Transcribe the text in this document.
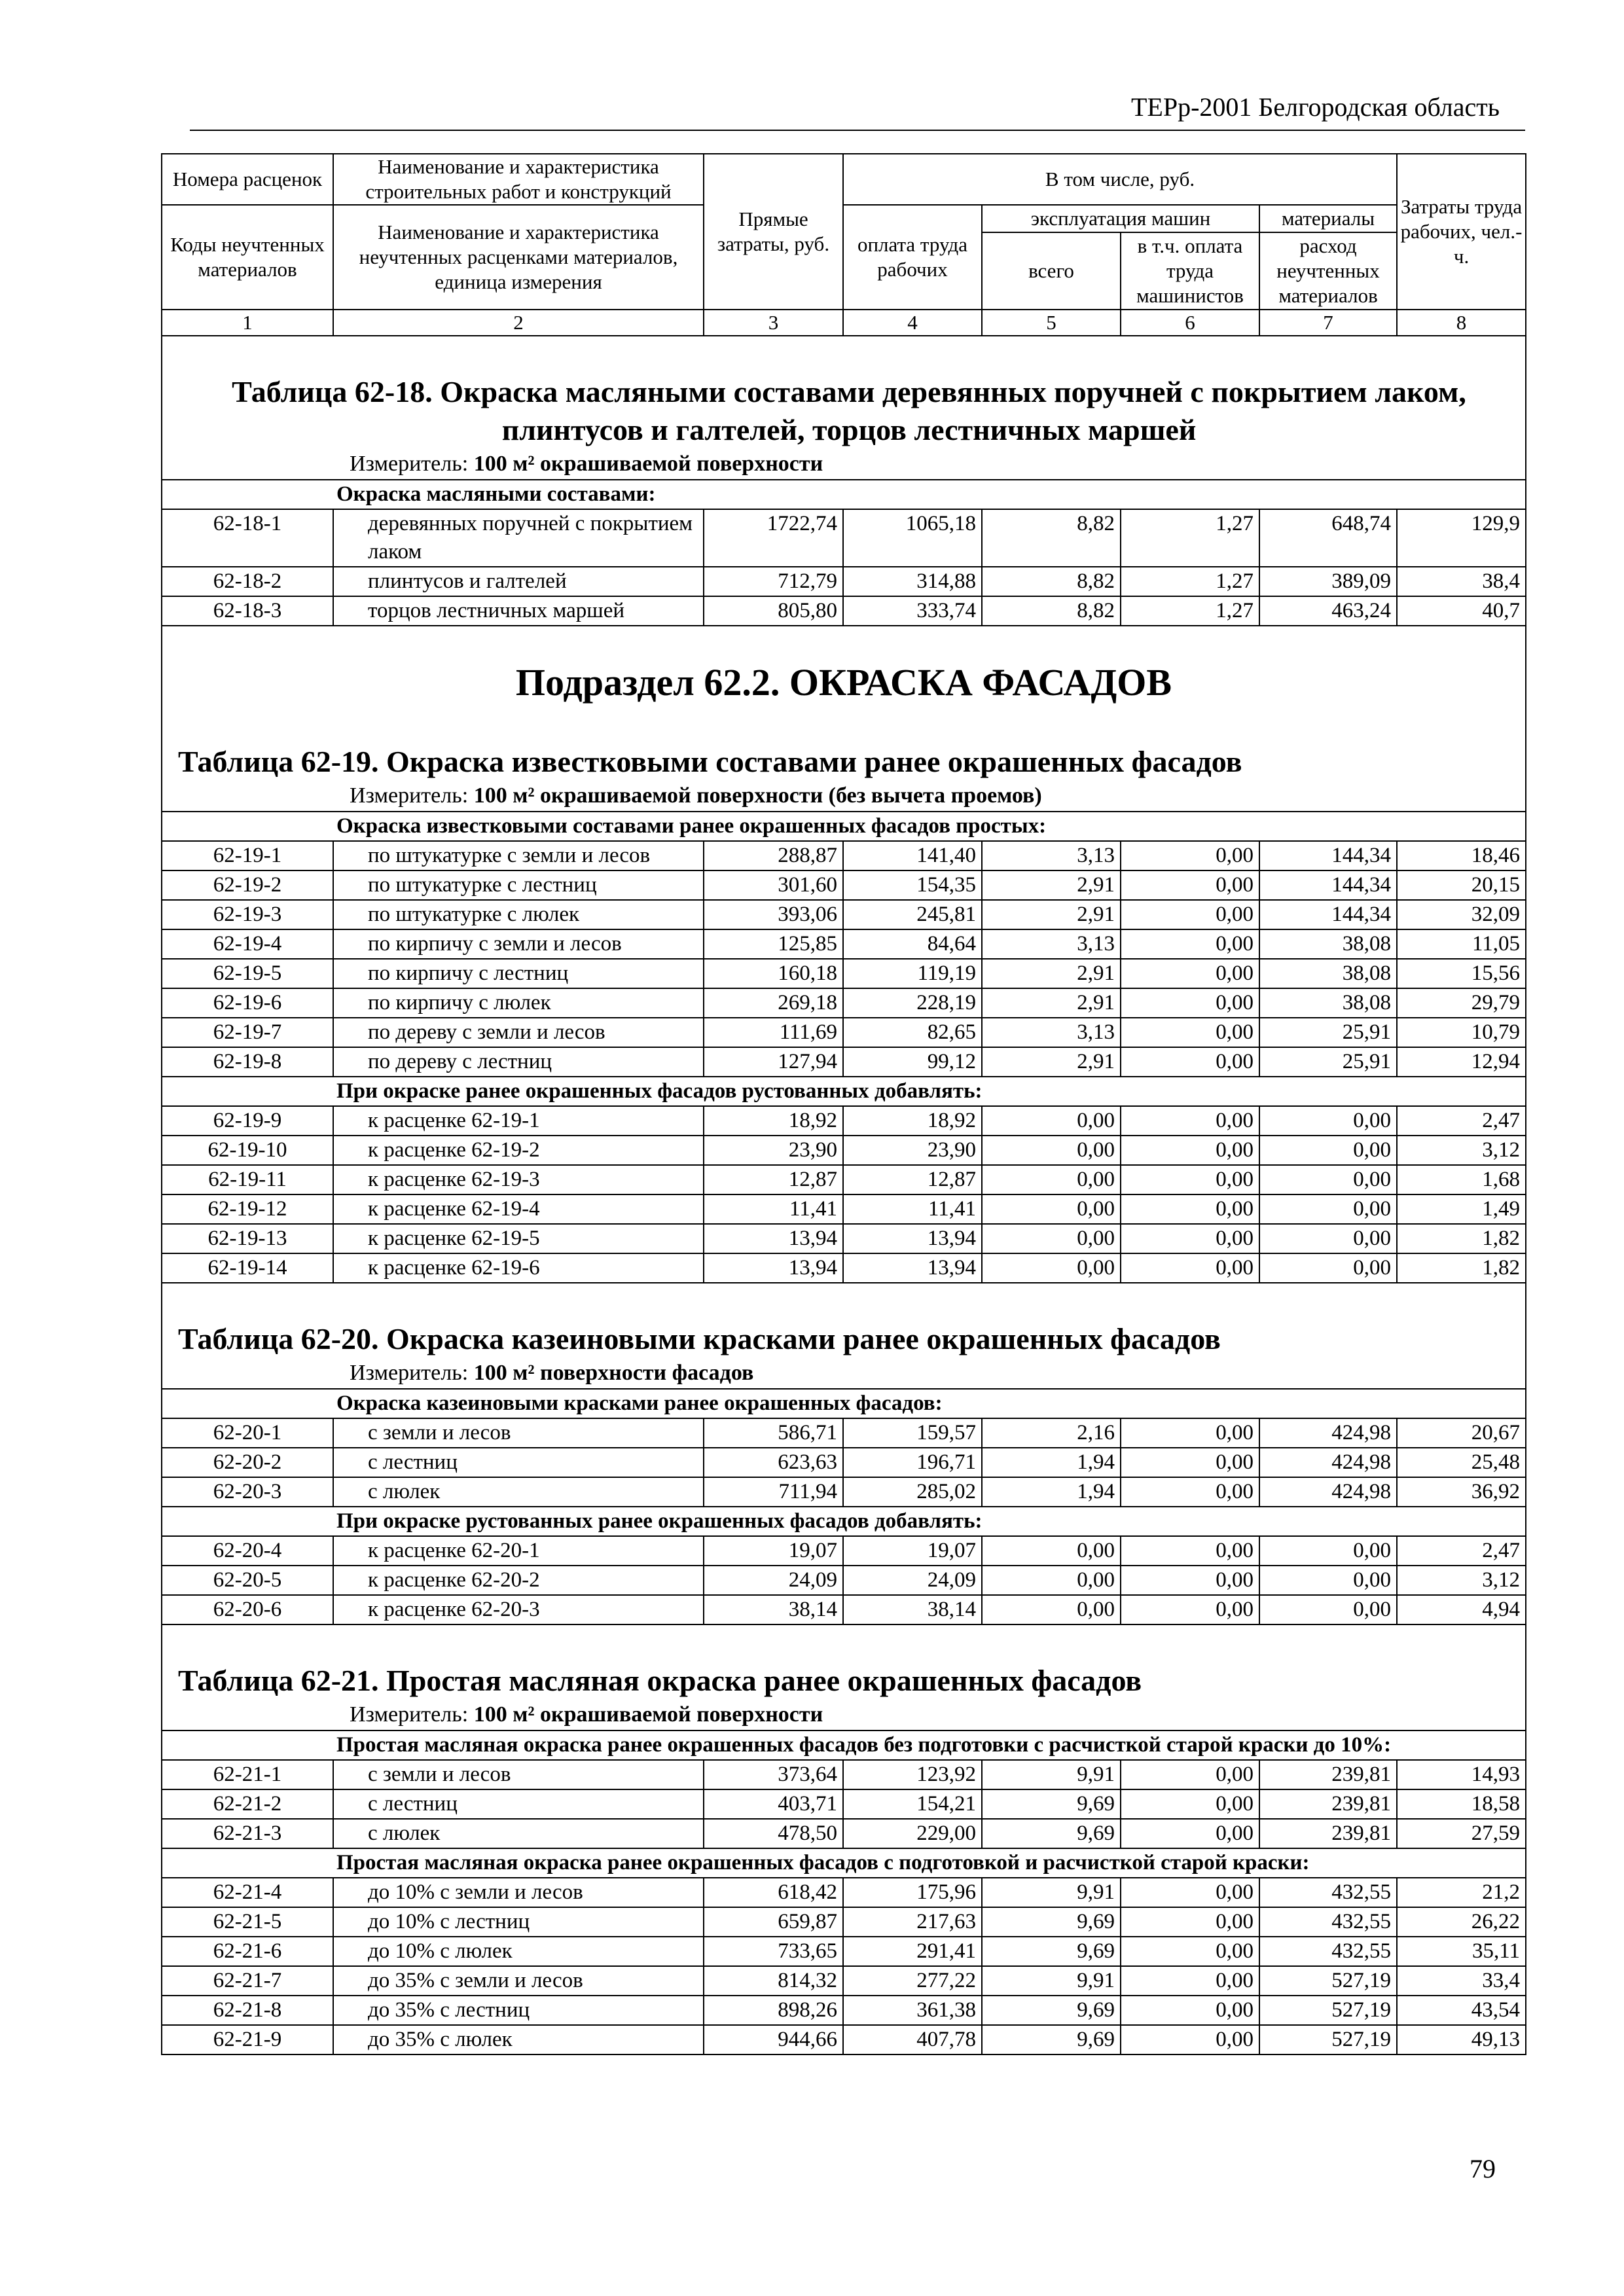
ТЕРр-2001 Белгородская область
Номера расценок	Наименование и характеристика строительных работ и конструкций	Прямые затраты, руб.	В том числе, руб.				Затраты труда рабочих, чел.-ч.
Коды неучтенных материалов	Наименование и характеристика неучтенных расценками материалов, единица измерения		оплата труда рабочих	эксплуатация машин		материалы	
				всего	в т.ч. оплата труда машинистов	расход неучтенных материалов	
1	2	3	4	5	6	7	8

Таблица 62-18. Окраска масляными составами деревянных поручней с покрытием лаком, плинтусов и галтелей, торцов лестничных маршей							

Измеритель: 100 м² окрашиваемой поверхности							

Окраска масляными составами:							
62-18-1	деревянных поручней с покрытием лаком	1722,74	1065,18	8,82	1,27	648,74	129,9
62-18-2	плинтусов и галтелей	712,79	314,88	8,82	1,27	389,09	38,4
62-18-3	торцов лестничных маршей	805,80	333,74	8,82	1,27	463,24	40,7
Подраздел 62.2. ОКРАСКА ФАСАДОВ							

Таблица 62-19. Окраска известковыми составами ранее окрашенных фасадов							

Измеритель: 100 м² окрашиваемой поверхности (без вычета проемов)							

Окраска известковыми составами ранее окрашенных фасадов простых:							
62-19-1	по штукатурке с земли и лесов	288,87	141,40	3,13	0,00	144,34	18,46
62-19-2	по штукатурке с лестниц	301,60	154,35	2,91	0,00	144,34	20,15
62-19-3	по штукатурке с люлек	393,06	245,81	2,91	0,00	144,34	32,09
62-19-4	по кирпичу с земли и лесов	125,85	84,64	3,13	0,00	38,08	11,05
62-19-5	по кирпичу с лестниц	160,18	119,19	2,91	0,00	38,08	15,56
62-19-6	по кирпичу с люлек	269,18	228,19	2,91	0,00	38,08	29,79
62-19-7	по дереву с земли и лесов	111,69	82,65	3,13	0,00	25,91	10,79
62-19-8	по дереву с лестниц	127,94	99,12	2,91	0,00	25,91	12,94
При окраске ранее окрашенных фасадов рустованных добавлять:							
62-19-9	к расценке 62-19-1	18,92	18,92	0,00	0,00	0,00	2,47
62-19-10	к расценке 62-19-2	23,90	23,90	0,00	0,00	0,00	3,12
62-19-11	к расценке 62-19-3	12,87	12,87	0,00	0,00	0,00	1,68
62-19-12	к расценке 62-19-4	11,41	11,41	0,00	0,00	0,00	1,49
62-19-13	к расценке 62-19-5	13,94	13,94	0,00	0,00	0,00	1,82
62-19-14	к расценке 62-19-6	13,94	13,94	0,00	0,00	0,00	1,82

Таблица 62-20. Окраска казеиновыми красками ранее окрашенных фасадов							

Измеритель: 100 м² поверхности фасадов							

Окраска казеиновыми красками ранее окрашенных фасадов:							
62-20-1	с земли и лесов	586,71	159,57	2,16	0,00	424,98	20,67
62-20-2	с лестниц	623,63	196,71	1,94	0,00	424,98	25,48
62-20-3	с люлек	711,94	285,02	1,94	0,00	424,98	36,92
При окраске рустованных ранее окрашенных фасадов добавлять:							
62-20-4	к расценке 62-20-1	19,07	19,07	0,00	0,00	0,00	2,47
62-20-5	к расценке 62-20-2	24,09	24,09	0,00	0,00	0,00	3,12
62-20-6	к расценке 62-20-3	38,14	38,14	0,00	0,00	0,00	4,94

Таблица 62-21. Простая масляная окраска ранее окрашенных фасадов							

Измеритель: 100 м² окрашиваемой поверхности							

Простая масляная окраска ранее окрашенных фасадов без подготовки с расчисткой старой краски до 10%:							
62-21-1	с земли и лесов	373,64	123,92	9,91	0,00	239,81	14,93
62-21-2	с лестниц	403,71	154,21	9,69	0,00	239,81	18,58
62-21-3	с люлек	478,50	229,00	9,69	0,00	239,81	27,59
Простая масляная окраска ранее окрашенных фасадов с подготовкой и расчисткой старой краски:							
62-21-4	до 10% с земли и лесов	618,42	175,96	9,91	0,00	432,55	21,2
62-21-5	до 10% с лестниц	659,87	217,63	9,69	0,00	432,55	26,22
62-21-6	до 10% с люлек	733,65	291,41	9,69	0,00	432,55	35,11
62-21-7	до 35% с земли и лесов	814,32	277,22	9,91	0,00	527,19	33,4
62-21-8	до 35% с лестниц	898,26	361,38	9,69	0,00	527,19	43,54
62-21-9	до 35% с люлек	944,66	407,78	9,69	0,00	527,19	49,13
79
